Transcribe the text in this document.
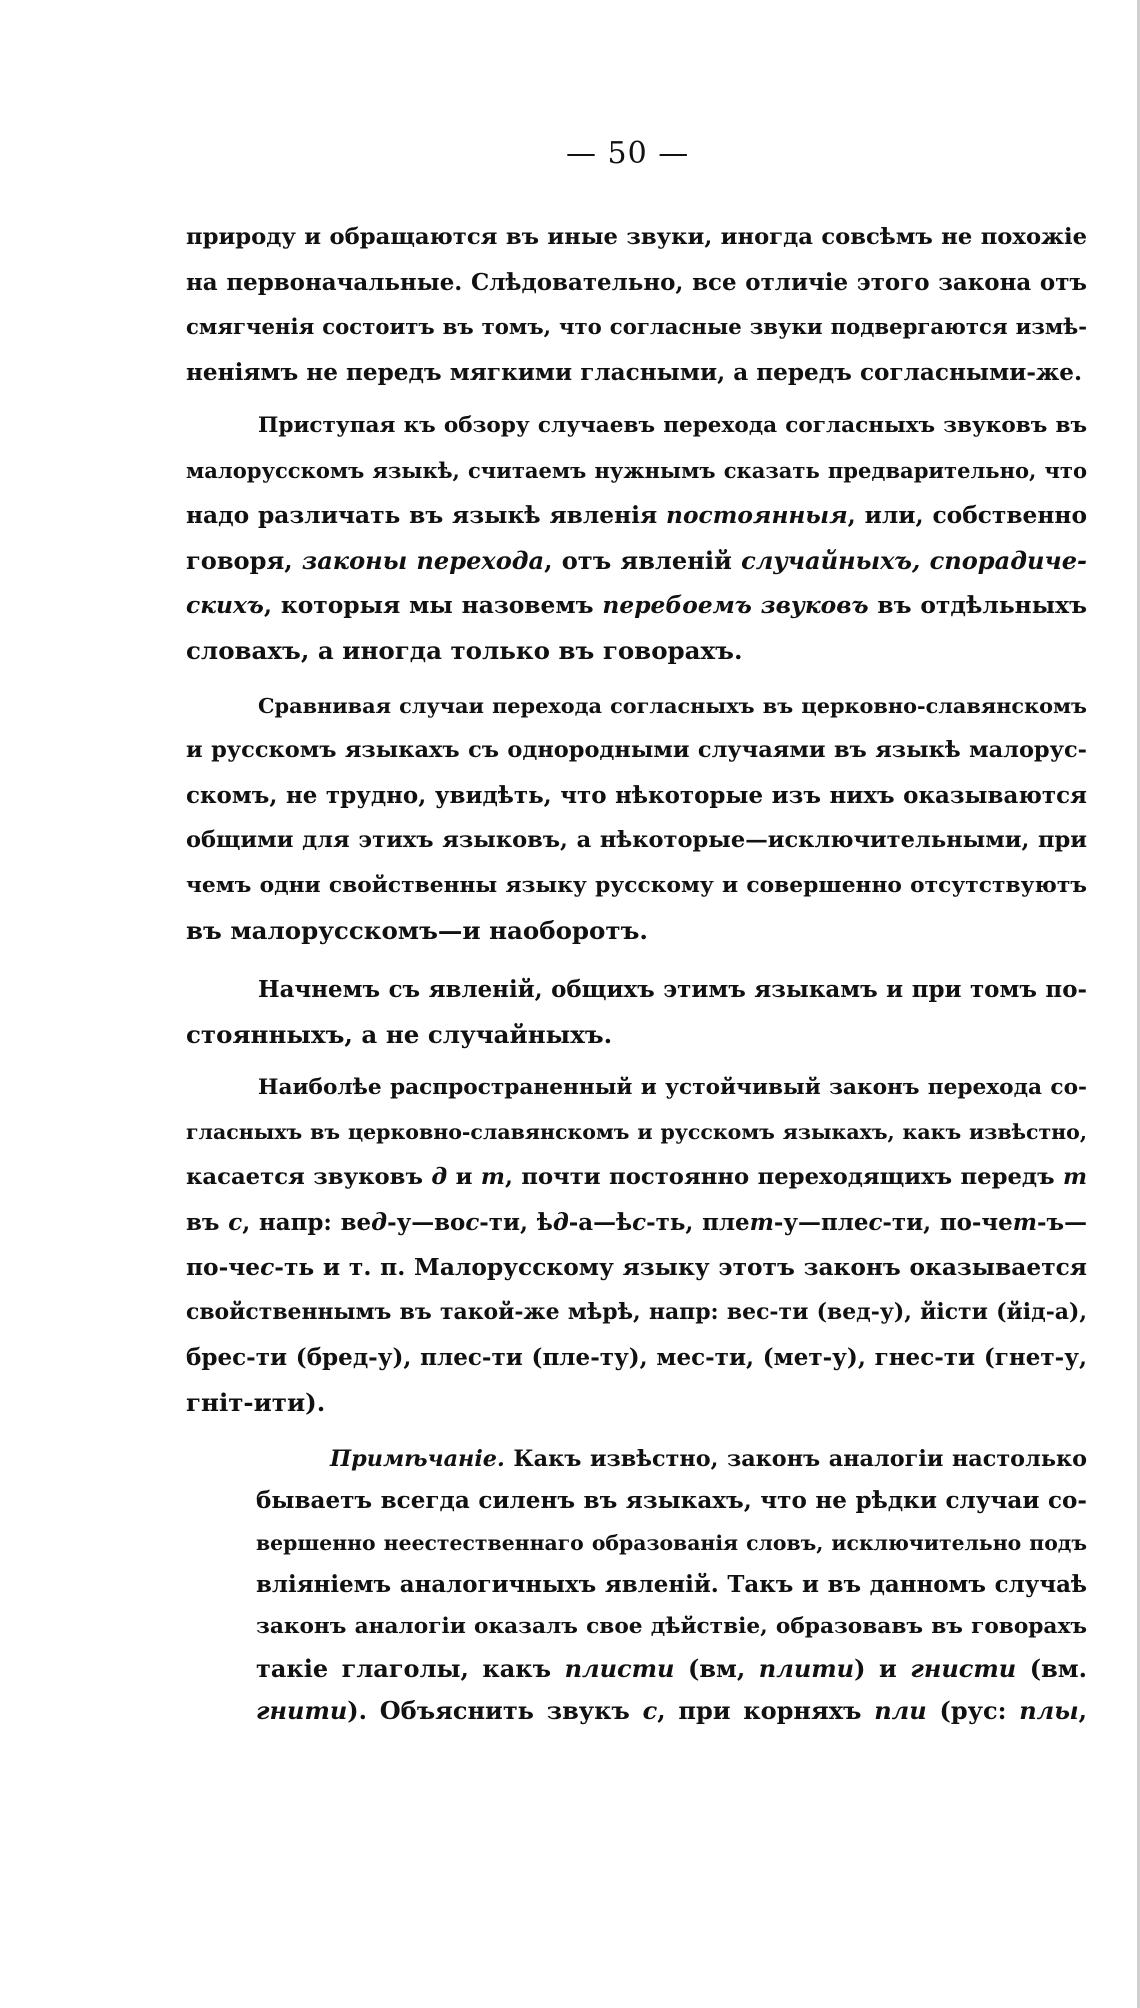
— 50 —
природу и обращаются въ иные звуки, иногда совсѣмъ не похожіе
на первоначальные. Слѣдовательно, все отличіе этого закона отъ
смягченія состоитъ въ томъ, что согласные звуки подвергаются измѣ-
неніямъ не передъ мягкими гласными, а передъ согласными-же.
Приступая къ обзору случаевъ перехода согласныхъ звуковъ въ
малорусскомъ языкѣ, считаемъ нужнымъ сказать предварительно, что
надо различать въ языкѣ явленія постоянныя, или, собственно
говоря, законы перехода, отъ явленій случайныхъ, спорадиче-
скихъ, которыя мы назовемъ перебоемъ звуковъ въ отдѣльныхъ
словахъ, а иногда только въ говорахъ.
Сравнивая случаи перехода согласныхъ въ церковно-славянскомъ
и русскомъ языкахъ съ однородными случаями въ языкѣ малорус-
скомъ, не трудно, увидѣть, что нѣкоторые изъ нихъ оказываются
общими для этихъ языковъ, а нѣкоторые—исключительными, при
чемъ одни свойственны языку русскому и совершенно отсутствуютъ
въ малорусскомъ—и наоборотъ.
Начнемъ съ явленій, общихъ этимъ языкамъ и при томъ по-
стоянныхъ, а не случайныхъ.
Наиболѣе распространенный и устойчивый законъ перехода со-
гласныхъ въ церковно-славянскомъ и русскомъ языкахъ, какъ извѣстно,
касается звуковъ д и т, почти постоянно переходящихъ передъ т
въ с, напр: вед-у—вос-ти, ѣд-а—ѣс-ть, плет-у—плес-ти, по-чет-ъ—
по-чес-ть и т. п. Малорусскому языку этотъ законъ оказывается
свойственнымъ въ такой-же мѣрѣ, напр: вес-ти (вед-у), йісти (йід-а),
брес-ти (бред-у), плес-ти (пле-ту), мес-ти, (мет-у), гнес-ти (гнет-у,
гніт-ити).
Примѣчаніе. Какъ извѣстно, законъ аналогіи настолько
бываетъ всегда силенъ въ языкахъ, что не рѣдки случаи со-
вершенно неестественнаго образованія словъ, исключительно подъ
вліяніемъ аналогичныхъ явленій. Такъ и въ данномъ случаѣ
законъ аналогіи оказалъ свое дѣйствіе, образовавъ въ говорахъ
такіе глаголы, какъ плисти (вм, плити) и гнисти (вм.
гнити). Объяснить звукъ с, при корняхъ пли (рус: плы,
